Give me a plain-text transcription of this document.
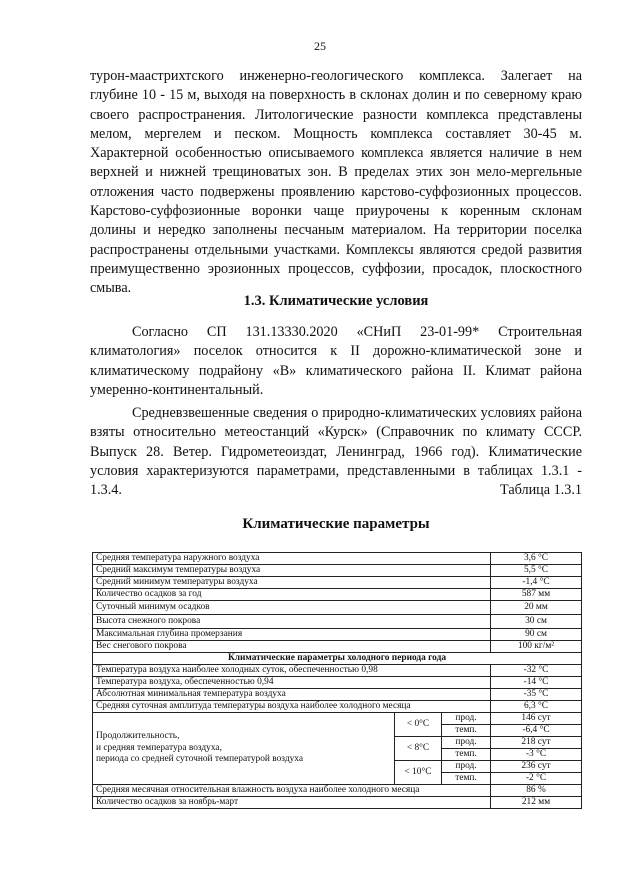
25

турон-маастрихтского инженерно-геологического комплекса. Залегает на глубине 10 - 15 м, выходя на поверхность в склонах долин и по северному краю своего распространения. Литологические разности комплекса представлены мелом, мергелем и песком. Мощность комплекса составляет 30-45 м. Характерной особенностью описываемого комплекса является наличие в нем верхней и нижней трещиноватых зон. В пределах этих зон мело-мергельные отложения часто подвержены проявлению карстово-суффозионных процессов. Карстово-суффозионные воронки чаще приурочены к коренным склонам долины и нередко заполнены песчаным материалом. На территории поселка распространены отдельными участками. Комплексы являются средой развития преимущественно эрозионных процессов, суффозии, просадок, плоскостного смыва.

1.3. Климатические условия

Согласно СП 131.13330.2020 «СНиП 23-01-99* Строительная климатология» поселок относится к II дорожно-климатической зоне и климатическому подрайону «В» климатического района II. Климат района умеренно-континентальный.

Средневзвешенные сведения о природно-климатических условиях района взяты относительно метеостанций «Курск» (Справочник по климату СССР. Выпуск 28. Ветер. Гидрометеоиздат, Ленинград, 1966 год). Климатические условия характеризуются параметрами, представленными в таблицах 1.3.1 - 1.3.4.	Таблица 1.3.1
Климатические параметры
Средняя температура наружного воздуха			3,6 °С
Средний максимум температуры воздуха			5,5 °С
Средний минимум температуры воздуха			-1,4 °С
Количество осадков за год			587 мм
Суточный минимум осадков			20 мм
Высота снежного покрова			30 см
Максимальная глубина промерзания			90 см
Вес снегового покрова			100 кг/м²
Климатические параметры холодного периода года			
Температура воздуха наиболее холодных суток, обеспеченностью 0,98			-32 °С
Температура воздуха, обеспеченностью 0,94			-14 °С
Абсолютная минимальная температура воздуха			-35 °С
Средняя суточная амплитуда температуры воздуха наиболее холодного месяца			6,3 °С

Продолжительность,
и средняя температура воздуха,
периода со средней суточной температурой воздуха	< 0°С	прод.	146 сут
		темп.	-6,4 °С
	< 8°С	прод.	218 сут
		темп.	-3 °С
	< 10°С	прод.	236 сут
		темп.	-2 °С
Средняя месячная относительная влажность воздуха наиболее холодного месяца			86 %
Количество осадков за ноябрь-март			212 мм
